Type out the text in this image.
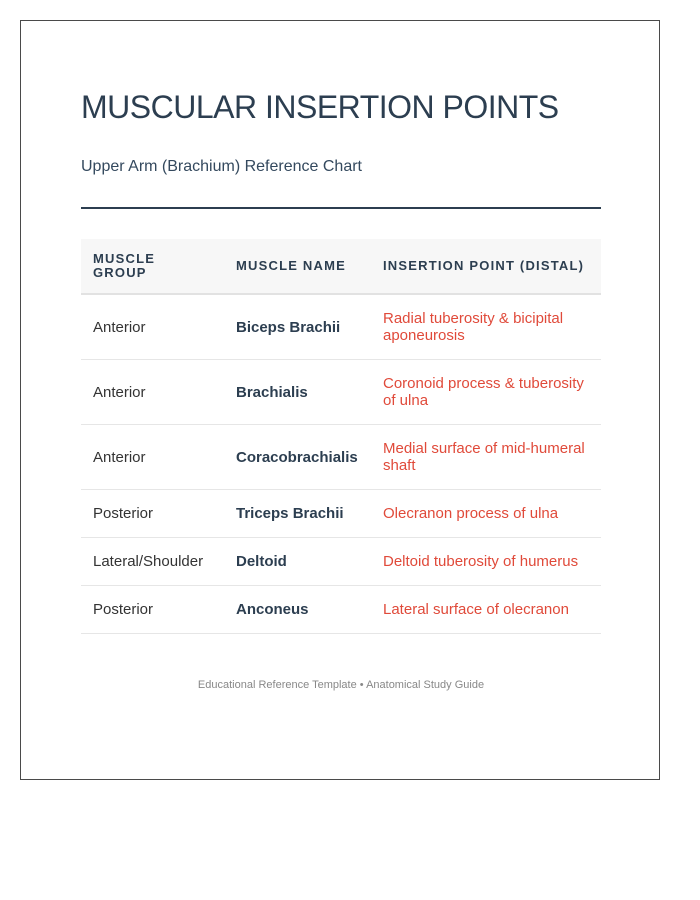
MUSCULAR INSERTION POINTS
Upper Arm (Brachium) Reference Chart
MUSCLE GROUP	MUSCLE NAME	INSERTION POINT (DISTAL)
Anterior	Biceps Brachii	Radial tuberosity & bicipital aponeurosis
Anterior	Brachialis	Coronoid process & tuberosity of ulna
Anterior	Coracobrachialis	Medial surface of mid-humeral shaft
Posterior	Triceps Brachii	Olecranon process of ulna
Lateral/Shoulder	Deltoid	Deltoid tuberosity of humerus
Posterior	Anconeus	Lateral surface of olecranon
Educational Reference Template • Anatomical Study Guide
